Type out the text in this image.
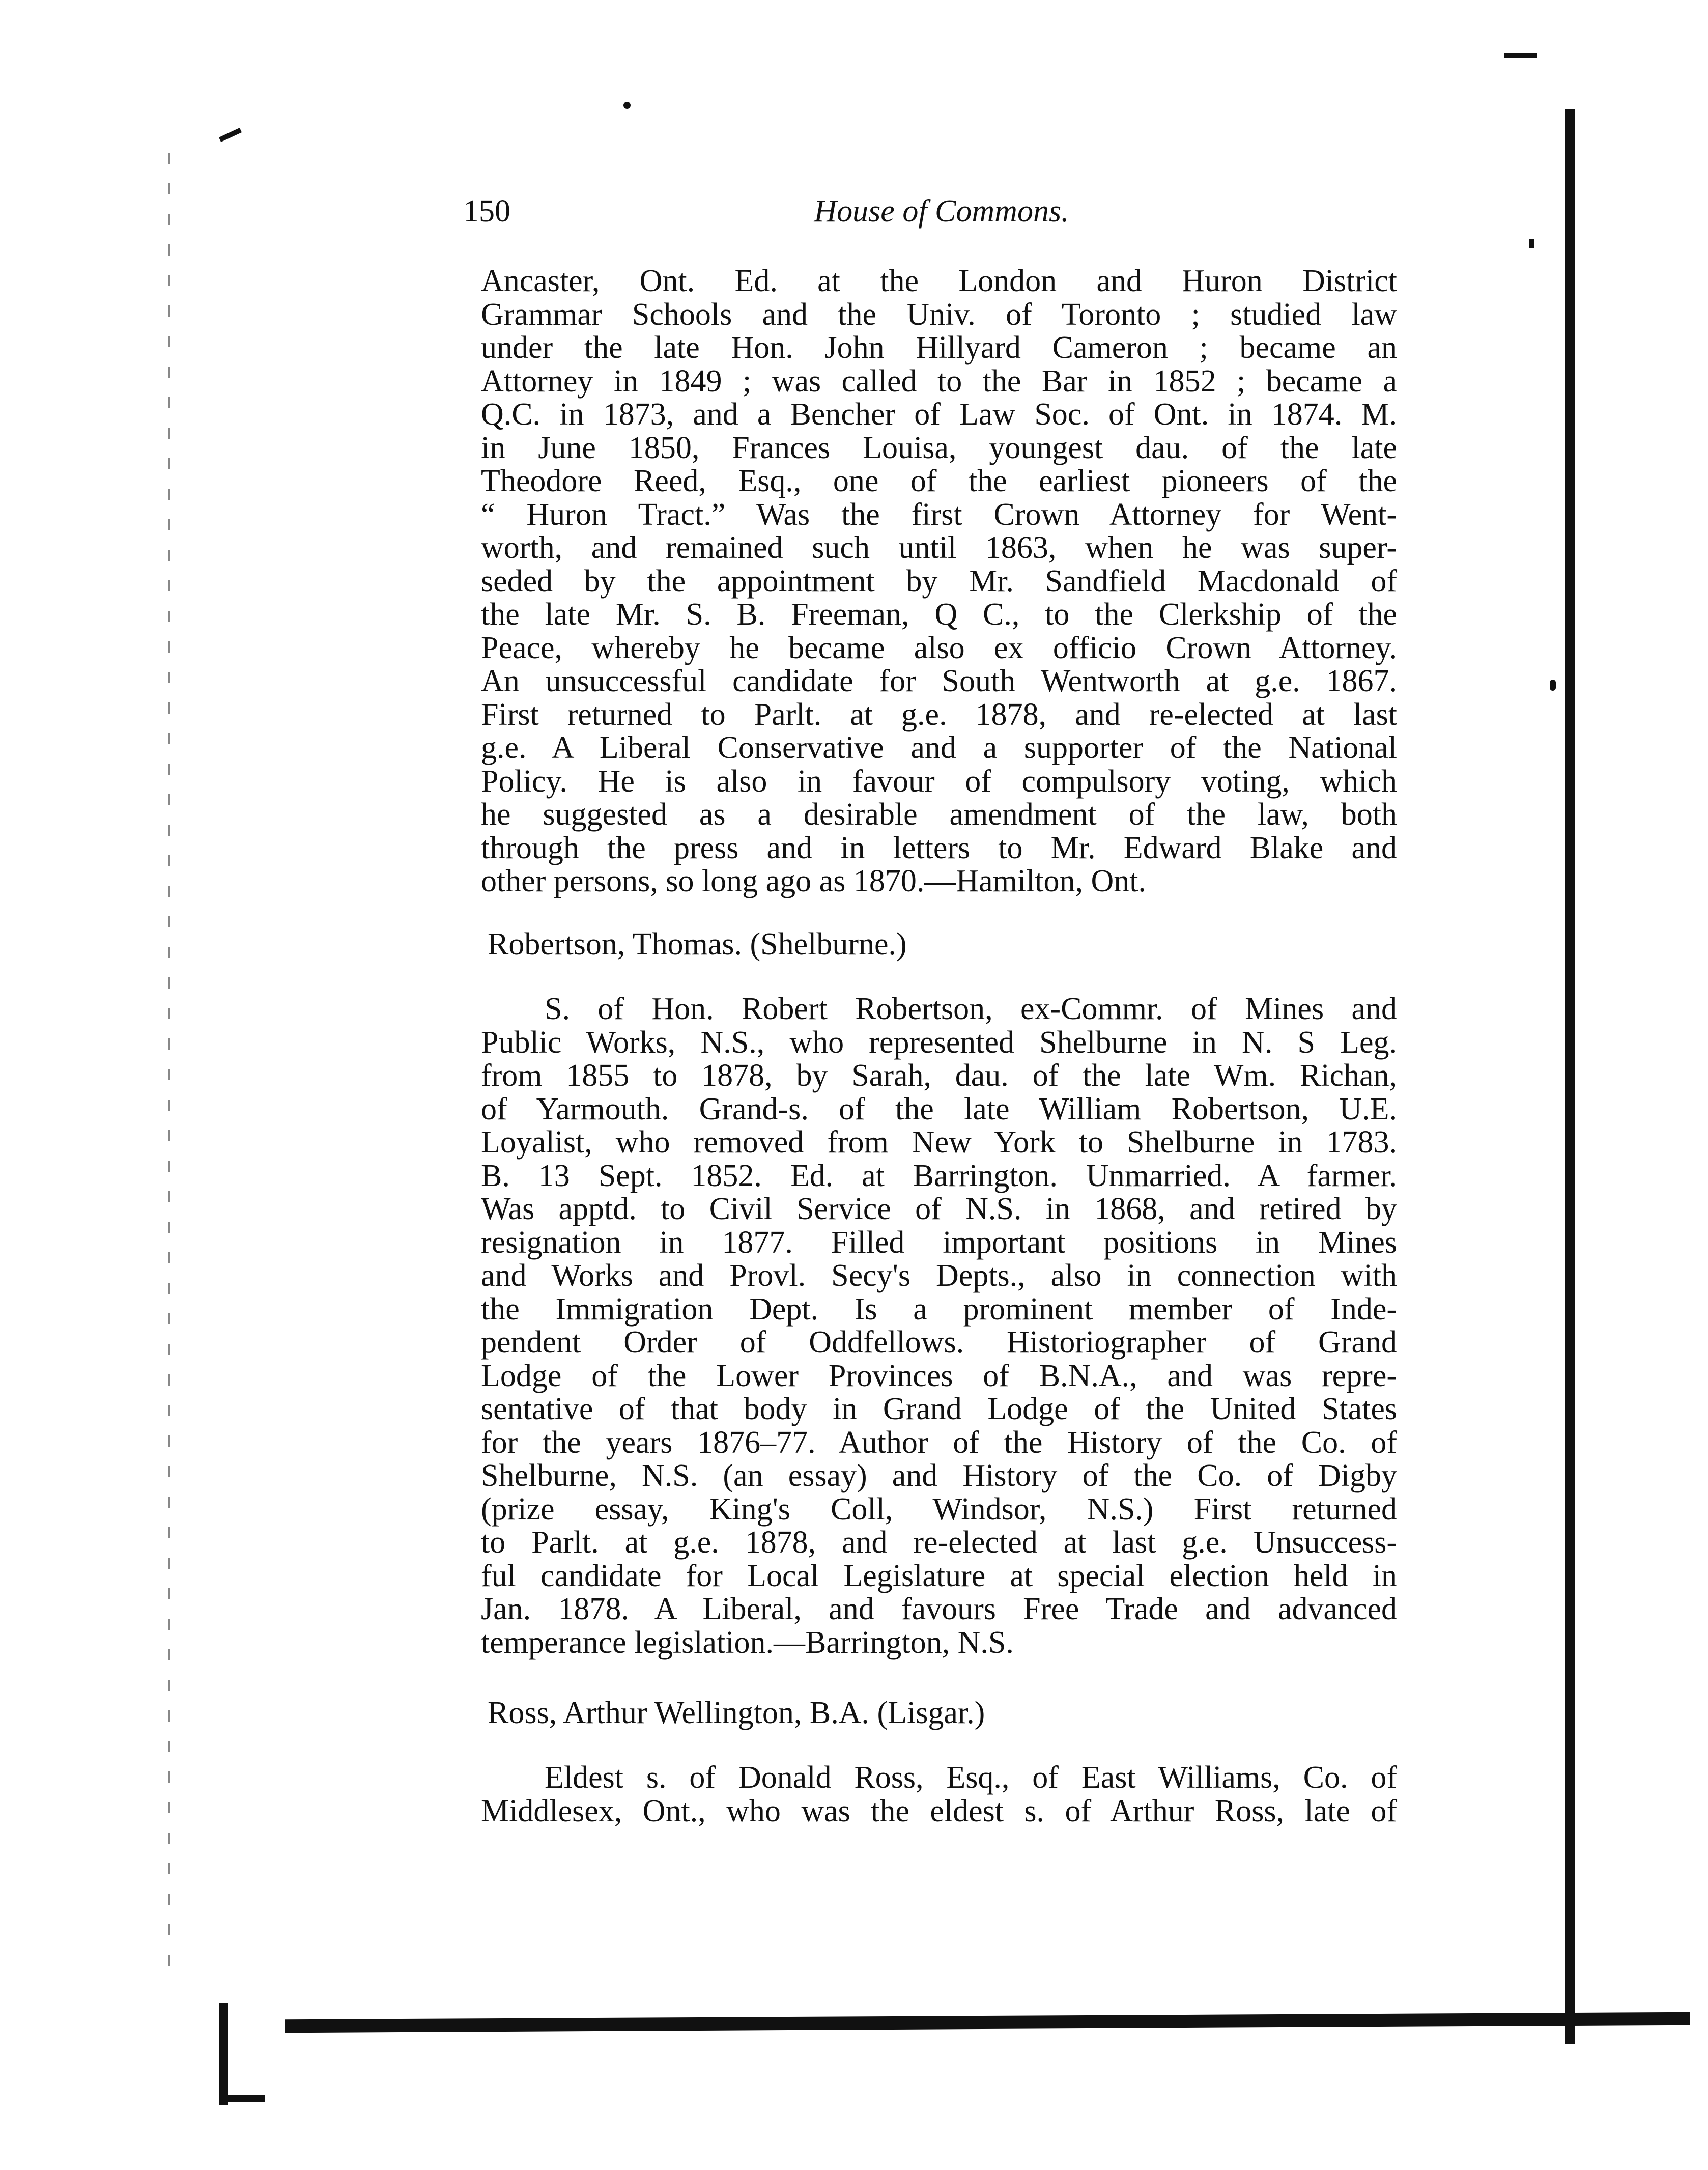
150	House of Commons.
Ancaster, Ont. Ed. at the London and Huron District
Grammar Schools and the Univ. of Toronto ; studied law
under the late Hon. John Hillyard Cameron ; became an
Attorney in 1849 ; was called to the Bar in 1852 ; became a
Q.C. in 1873, and a Bencher of Law Soc. of Ont. in 1874. M.
in June 1850, Frances Louisa, youngest dau. of the late
Theodore Reed, Esq., one of the earliest pioneers of the
“ Huron Tract.” Was the first Crown Attorney for Went-
worth, and remained such until 1863, when he was super-
seded by the appointment by Mr. Sandfield Macdonald of
the late Mr. S. B. Freeman, Q C., to the Clerkship of the
Peace, whereby he became also ex officio Crown Attorney.
An unsuccessful candidate for South Wentworth at g.e. 1867.
First returned to Parlt. at g.e. 1878, and re-elected at last
g.e. A Liberal Conservative and a supporter of the National
Policy. He is also in favour of compulsory voting, which
he suggested as a desirable amendment of the law, both
through the press and in letters to Mr. Edward Blake and
other persons, so long ago as 1870.—Hamilton, Ont.
Robertson, Thomas. (Shelburne.)
S. of Hon. Robert Robertson, ex-Commr. of Mines and
Public Works, N.S., who represented Shelburne in N. S Leg.
from 1855 to 1878, by Sarah, dau. of the late Wm. Richan,
of Yarmouth. Grand-s. of the late William Robertson, U.E.
Loyalist, who removed from New York to Shelburne in 1783.
B. 13 Sept. 1852. Ed. at Barrington. Unmarried. A farmer.
Was apptd. to Civil Service of N.S. in 1868, and retired by
resignation in 1877. Filled important positions in Mines
and Works and Provl. Secy's Depts., also in connection with
the Immigration Dept. Is a prominent member of Inde-
pendent Order of Oddfellows. Historiographer of Grand
Lodge of the Lower Provinces of B.N.A., and was repre-
sentative of that body in Grand Lodge of the United States
for the years 1876–77. Author of the History of the Co. of
Shelburne, N.S. (an essay) and History of the Co. of Digby
(prize essay, King's Coll, Windsor, N.S.) First returned
to Parlt. at g.e. 1878, and re-elected at last g.e. Unsuccess-
ful candidate for Local Legislature at special election held in
Jan. 1878. A Liberal, and favours Free Trade and advanced
temperance legislation.—Barrington, N.S.
Ross, Arthur Wellington, B.A. (Lisgar.)
Eldest s. of Donald Ross, Esq., of East Williams, Co. of
Middlesex, Ont., who was the eldest s. of Arthur Ross, late of
